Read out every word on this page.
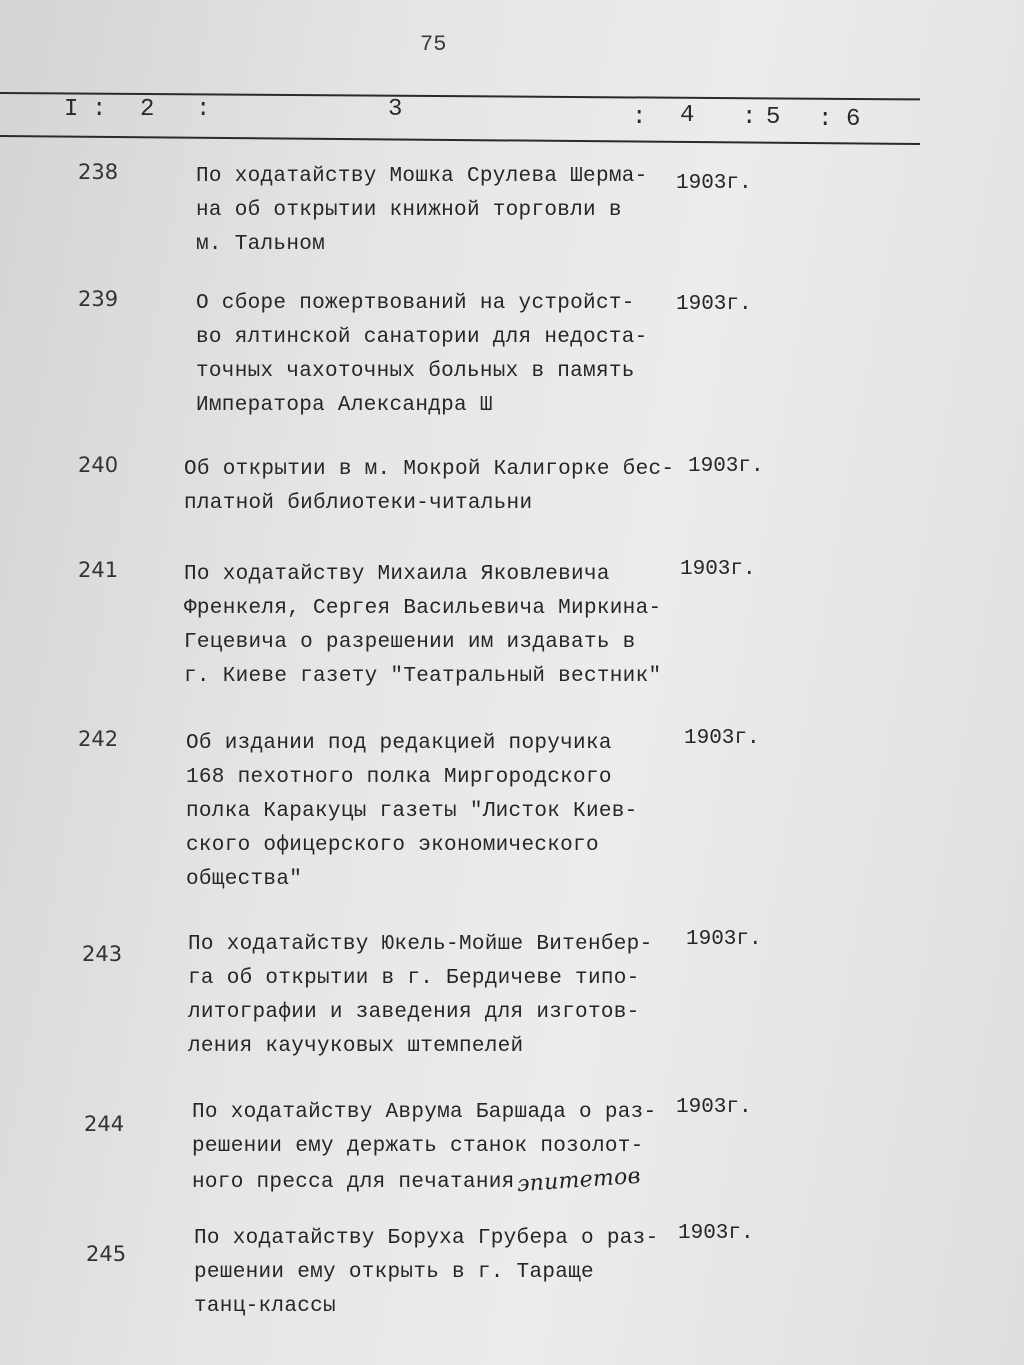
75
I : 2 :	3	: 4 : 5 : 6
238	По ходатайству Мошка Срулева Шерма-
на об открытии книжной торговли в
м. Тальном
1903г.
239	О сборе пожертвований на устройст-
во ялтинской санатории для недоста-
точных чахоточных больных в память
Императора Александра Ш
1903г.
240	Об открытии в м. Мокрой Калигорке бес-
платной библиотеки-читальни
1903г.
241	По ходатайству Михаила Яковлевича
Френкеля, Сергея Васильевича Миркина-
Гецевича о разрешении им издавать в
г. Киеве газету "Театральный вестник"
1903г.
242	Об издании под редакцией поручика
168 пехотного полка Миргородского
полка Каракуцы газеты "Листок Киев-
ского офицерского экономического
общества"
1903г.
243	По ходатайству Юкель-Мойше Витенбер-
га об открытии в г. Бердичеве типо-
литографии и заведения для изготов-
ления каучуковых штемпелей
1903г.
244	По ходатайству Аврума Баршада о раз-
решении ему держать станок позолот-
ного пресса для печатанияэпитетов
1903г.
245
По ходатайству Боруха Грубера о раз-
решении ему открыть в г. Тараще
танц-классы
1903г.
